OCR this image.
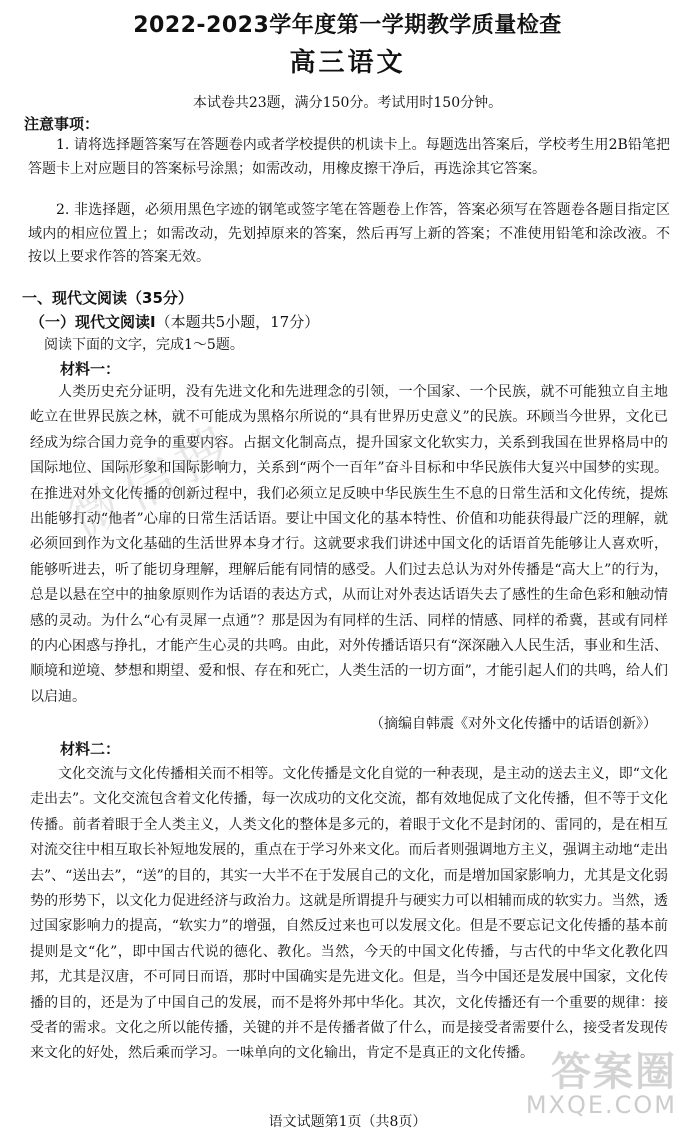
2022-2023学年度第一学期教学质量检查
高三语文
本试卷共23题，满分150分。考试用时150分钟。
注意事项：

1. 请将选择题答案写在答题卷内或者学校提供的机读卡上。每题选出答案后，学校考生用2B铅笔把答题卡上对应题目的答案标号涂黑；如需改动，用橡皮擦干净后，再选涂其它答案。

2. 非选择题，必须用黑色字迹的钢笔或签字笔在答题卷上作答，答案必须写在答题卷各题目指定区域内的相应位置上；如需改动，先划掉原来的答案，然后再写上新的答案；不准使用铅笔和涂改液。不按以上要求作答的答案无效。

一、现代文阅读（35分）
（一）现代文阅读Ⅰ（本题共5小题，17分）
阅读下面的文字，完成1～5题。
材料一：

人类历史充分证明，没有先进文化和先进理念的引领，一个国家、一个民族，就不可能独立自主地屹立在世界民族之林，就不可能成为黑格尔所说的“具有世界历史意义”的民族。环顾当今世界，文化已经成为综合国力竞争的重要内容。占据文化制高点，提升国家文化软实力，关系到我国在世界格局中的国际地位、国际形象和国际影响力，关系到“两个一百年”奋斗目标和中华民族伟大复兴中国梦的实现。在推进对外文化传播的创新过程中，我们必须立足反映中华民族生生不息的日常生活和文化传统，提炼出能够打动“他者”心扉的日常生活话语。要让中国文化的基本特性、价值和功能获得最广泛的理解，就必须回到作为文化基础的生活世界本身才行。这就要求我们讲述中国文化的话语首先能够让人喜欢听，能够听进去，听了能切身理解，理解后能有同情的感受。人们过去总认为对外传播是“高大上”的行为，总是以悬在空中的抽象原则作为话语的表达方式，从而让对外表达话语失去了感性的生命色彩和触动情感的灵动。为什么“心有灵犀一点通”？那是因为有同样的生活、同样的情感、同样的希冀，甚或有同样的内心困惑与挣扎，才能产生心灵的共鸣。由此，对外传播话语只有“深深融入人民生活，事业和生活、顺境和逆境、梦想和期望、爱和恨、存在和死亡，人类生活的一切方面”，才能引起人们的共鸣，给人们以启迪。

（摘编自韩震《对外文化传播中的话语创新》）
材料二：

文化交流与文化传播相关而不相等。文化传播是文化自觉的一种表现，是主动的送去主义，即“文化走出去”。文化交流包含着文化传播，每一次成功的文化交流，都有效地促成了文化传播，但不等于文化传播。前者着眼于全人类主义，人类文化的整体是多元的，着眼于文化不是封闭的、雷同的，是在相互对流交往中相互取长补短地发展的，重点在于学习外来文化。而后者则强调地方主义，强调主动地“走出去”、“送出去”，“送”的目的，其实一大半不在于发展自己的文化，而是增加国家影响力，尤其是文化弱势的形势下，以文化力促进经济与政治力。这就是所谓提升与硬实力可以相辅而成的软实力。当然，透过国家影响力的提高，“软实力”的增强，自然反过来也可以发展文化。但是不要忘记文化传播的基本前提则是文“化”，即中国古代说的德化、教化。当然，今天的中国文化传播，与古代的中华文化教化四邦，尤其是汉唐，不可同日而语，那时中国确实是先进文化。但是，当今中国还是发展中国家，文化传播的目的，还是为了中国自己的发展，而不是将外邦中华化。其次，文化传播还有一个重要的规律：接受者的需求。文化之所以能传播，关键的并不是传播者做了什么，而是接受者需要什么，接受者发现传来文化的好处，然后乘而学习。一味单向的文化输出，肯定不是真正的文化传播。

语文试题第1页（共8页）
微信搜
答案圈
MXQE.COM
